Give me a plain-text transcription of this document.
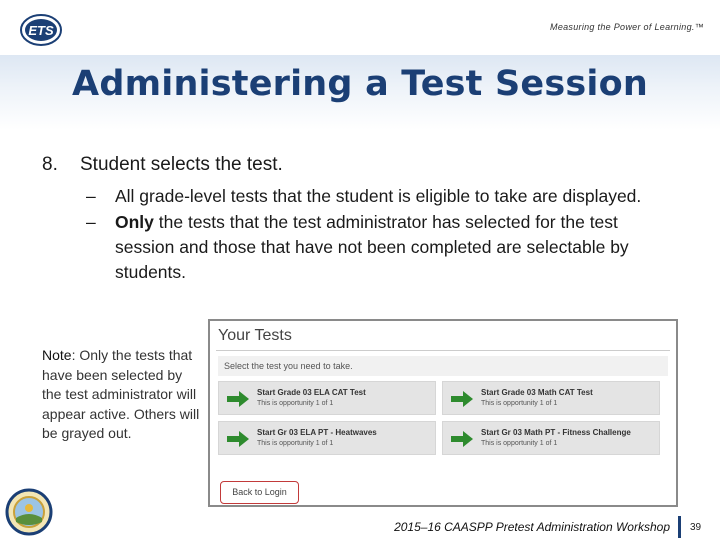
ETS	Measuring the Power of Learning.™
Administering a Test Session
8. Student selects the test.
– All grade-level tests that the student is eligible to take are displayed.
– Only the tests that the test administrator has selected for the test session and those that have not been completed are selectable by students.
Note: Only the tests that have been selected by the test administrator will appear active. Others will be grayed out.
Your Tests
Select the test you need to take.
Start Grade 03 ELA CAT Test
This is opportunity 1 of 1
Start Grade 03 Math CAT Test
This is opportunity 1 of 1
Start Gr 03 ELA PT - Heatwaves
This is opportunity 1 of 1
Start Gr 03 Math PT - Fitness Challenge
This is opportunity 1 of 1
Back to Login
2015–16 CAASPP Pretest Administration Workshop 39
